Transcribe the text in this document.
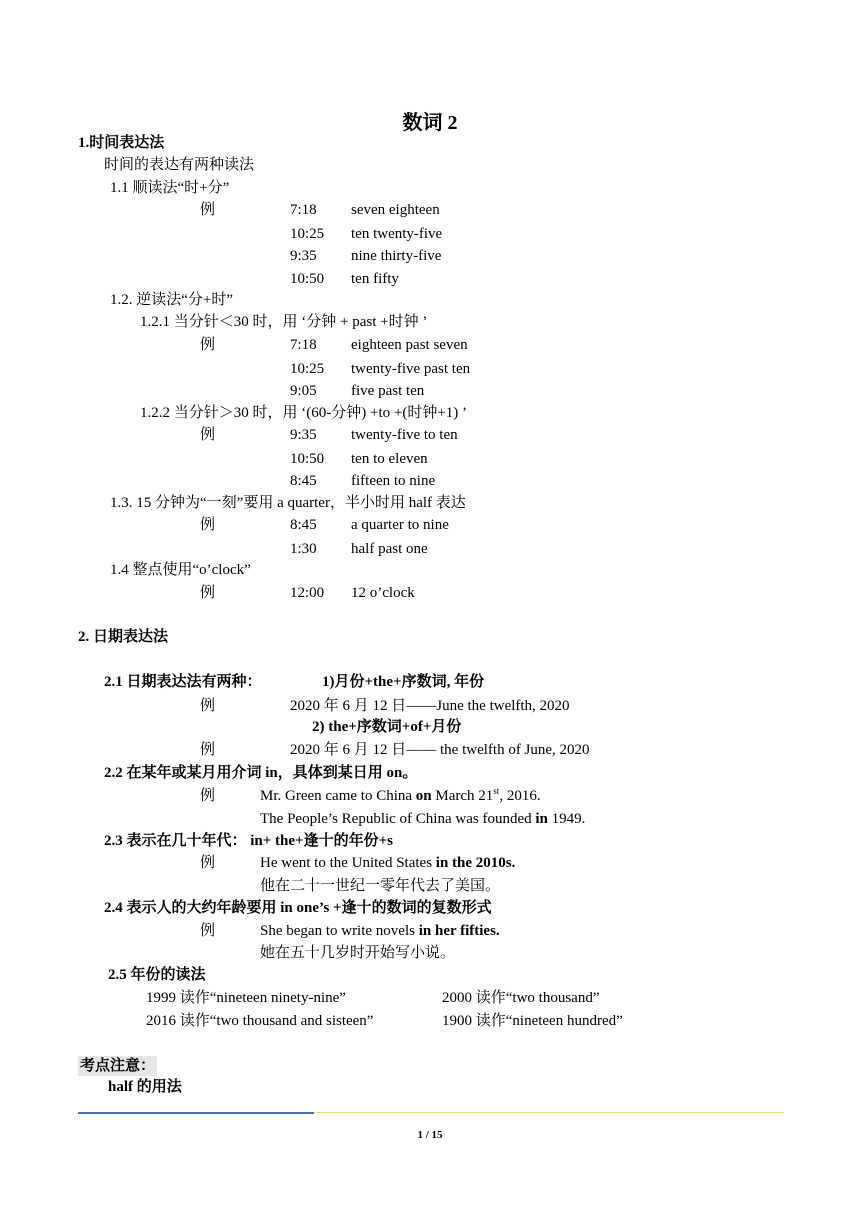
数词 2
1.时间表达法
时间的表达有两种读法
1.1 顺读法“时+分”
例	7:18 seven eighteen
10:25 ten twenty-five
9:35 nine thirty-five
10:50 ten fifty
1.2. 逆读法“分+时”
1.2.1 当分针＜30 时，用 ‘分钟 + past +时钟 ’
例	7:18 eighteen past seven
10:25 twenty-five past ten
9:05 five past ten
1.2.2 当分针＞30 时，用 ‘(60-分钟) +to +(时钟+1) ’
例	9:35 twenty-five to ten
10:50 ten to eleven
8:45 fifteen to nine
1.3. 15 分钟为“一刻”要用 a quarter，半小时用 half 表达
例	8:45 a quarter to nine
1:30 half past one
1.4 整点使用“o’clock”
例	12:00 12 o’clock
2. 日期表达法
2.1 日期表达法有两种：	1)月份+the+序数词, 年份
例	2020 年 6 月 12 日——June the twelfth, 2020
2) the+序数词+of+月份
例	2020 年 6 月 12 日—— the twelfth of June, 2020
2.2 在某年或某月用介词 in，具体到某日用 on。
例	Mr. Green came to China on March 21st, 2016.
The People’s Republic of China was founded in 1949.
2.3 表示在几十年代： in+ the+逢十的年份+s
例	He went to the United States in the 2010s.
他在二十一世纪一零年代去了美国。
2.4 表示人的大约年龄要用 in one’s +逢十的数词的复数形式
例	She began to write novels in her fifties.
她在五十几岁时开始写小说。
2.5 年份的读法
1999 读作“nineteen ninety-nine”	2000 读作“two thousand”
2016 读作“two thousand and sisteen”	1900 读作“nineteen hundred”
考点注意：
half 的用法
1 / 15
